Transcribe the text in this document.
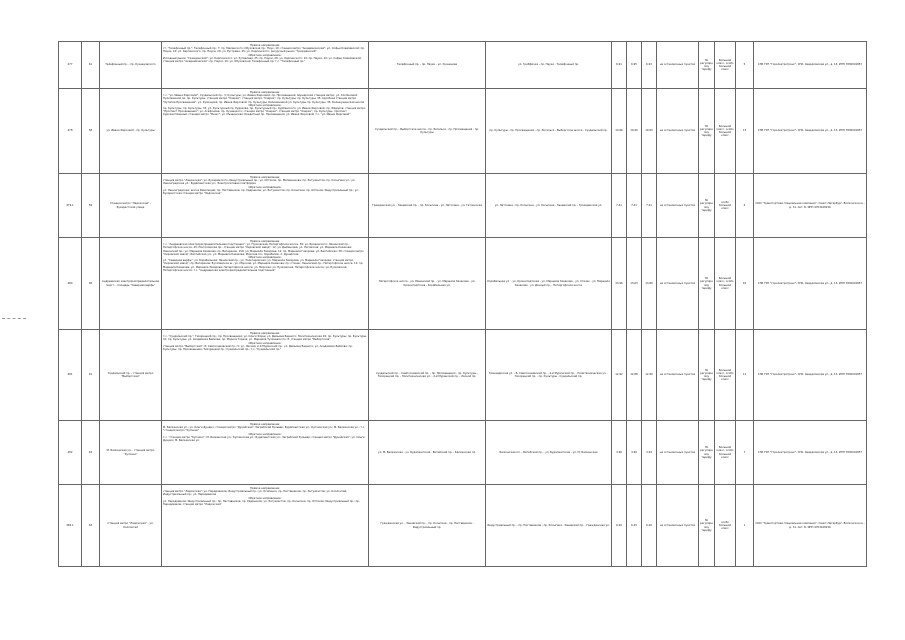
477	61	Телефонный пр. - пр. Кузнецовского	Прямое направление:
ст. "Телефонный пр."; Телефонный пр.; Т. пр. Малинского; Обуховская пр.; Наук; 10; станция метро "Академическая"; ул. Софьи Ковалевской; пр. Науки, 10; ул. Карпинского; пр. Науки, 20; ул. Рустрема, 25; ул. Карпинского; ресурсный рынок "Гражданский"
Обратное направление:
Исходный рынок "Гражданский"; ул. Карпинского; ул. Рутвелева, 25; пр. Науки, 20; ул. Карпинского; 10; пр. Науки, 10; ул. Софьи Ковалевской; станция метро "Академическая"; пр. Науки, 10; ул. Обуховская; Телефонный пр. т.с. "Телефонный пр."	Телефонный пр. - пр. Науки - ул. Кузнецова	ул. Грибфичка - пр. Науки - Телефонный пр.	6,91	6,95	6,93	на остановочных пунктах	По регулярному тарифу	Большой класс, особо большой класс	5	СПб ГУП "Горэлектротранс", СПб, Свердловская ул., д. 13, ИНН 7830001857
478	58	ул. Ивана Фирсовой - пр. Культуры	Прямое направление:
т.с. "ул. Ивана Фирсовой"; Суздальский пр., 3; Культуры; ул. Ивана Фирсовой; пр. Просвещения; Шушарская станция метро; ул. Хлопиновой Пулковкиной пр. пр. Культуры; станция метро "Озерки"; станция метро "Озерки"; пр. Культуры; пр. Культуры, 35; Аэробная станция метро "Кутепов Просвещения"; ул. Кузнецова; пр. Ивана Фирсовой; пр. Культуры; Калинишиной ул. Культуры пр. Культуры, 35; Большущенская школа
Обратное направление:
пр. Культуры; пр. Культуры, 35; ул. Культурный пр. Рудакова; пр. Культурный пр.; Курбанского; ул. Ивана Фирсовой; пр. Фёдоров; станция метро "Проспект Просвещения"; ул. Агафонова; пр. Кузнецкого; станция метро "Озерки"; станция метро "Озерки"; пр. Культуры; проспект Художественный; станция метро "Ячекс"; ул. Мышинская; Кредитный пр. Просвещения; ул. Ивана Фирсовой; т.с. "ул. Ивана Фирсовой"	Суздальский пр. - Выборгское шоссе - пр. Энгельса - пр. Просвещения - пр. Культуры	пр. Культуры - пр. Просвещения - пр. Энгельса - Выборгское шоссе - Суздальский пр.	10,96	10,90	10,93	на остановочных пунктах	По регулярному тарифу	Большой класс, особо большой класс	13	СПб ГУП "Горэлектротранс", СПб, Свердловская ул., д. 13, ИНН 7830001857
479.1	59	Станция метро "Ладожская" - Бухарестская улица	Прямое направление:
станция метро "Ладожская"; ул. Бухаримского; Индустриальный пр.; ул. Оптиков; пр. Матвиенкова; пр. Энтузиастов; пр. Косыгина ул.; ул. Ленинградская ул.; Будапештская ул.; Электросетевая платформа
Обратное направление:
ул. Ленинградская; шоссе Революции; пр. Наставников; пр. Ударников; ул. Энтузиастов; пр. Косыгина; пр. Оптиков; Индустриальный пр.; ул. Бухарестская станция метро "Ладожская"	Гражданская ул. - Заневский пр. - пр. Косыгина - ул. Латохина - ул. Гатчинская	ул. Латохина - пр. Косыгина - ул. Косыгина - Заневский пр. - Гражданская ул.	7,41	7,41	7,41	на остановочных пунктах	По регулярному тарифу	особо большой класс	4	ООО "Транспортная специальная компания", Санкт-Петербург, Волхонское ш., д. 31, лит. Б, ИНН 4703108156
480	60	Андреевская электрораспределительная подст. - площадь "Северная верфь"	Прямое направление:
т.с. "Андреевская электрораспределительная подстанция"; ул. Пулковская; Петергофское шоссе, 59; ул. Бровинского; Ленинский пр.; Петергофское шоссе, 45; Юнтоловская пр.; станция метро "Кировский завод"; 12; ул. Дыбенкова; ул. Лиговская; ул. Маршала Казакова; Ленинский пр.; ул. Маршала Казакова; пр. Ветеранов, 150; ул. Маршала Захарова; 12; пр. Маршала Говорова; ул. Балтийская; 38; станция метро "Кировский завод"; Балтийская ул.; ул. Маршала Казакова; Морская пл.; Корабелов, 2; Дунайская
Обратное направление:
ул. "Северная верфь"; ул. Корабельная; Ленинский пр.; ул. Зольтеровская; ул. Маршала Захарова; ул. Маршала Говорова; станция метро "Кировский завод"; пр. Ветеранов; Бугапевское ш.; ул. Морская; ул. Маршала Казакова; пр. Стачек; Ленинский пр.; Петергофское шоссе; 12; пр. Маршала Казакова; ул. Маршала Захарова; Петергофское шоссе; ул. Морская; ул. Пулковская; Петергофское шоссе; ул. Пулковская; Петергофское шоссе; т.с. "Андреевская электрораспределительная подстанция"	Петергофское шоссе - ул. Лёнинский пр. - ул. Маршала Казакова - ул. Кронштадтская - Корабельная ул.	Корабельная ул. - ул. Кронштадтская - ул. Маршала Казакова - ул. Стачек - ул. Маршала Казакова - ул. Дачный пр. - Петергофское шоссе	13,96	13,63	13,80	на остановочных пунктах	По регулярному тарифу	Большой класс, особо большой класс	16	СПб ГУП "Горэлектротранс", СПб, Свердловская ул., д. 13, ИНН 7830001857
481	61	Суздальский пр. - станция метро "Выборгская"	Прямое направление:
т.с. "Суздальский пр."; Тихорецкий пр.; пр. Просвещения; ул. Ольги Форш; ул. Демьяна Бедного; Политехническая 29; пр. Культуры; пр. Культуры, 31; пр. Культуры; ул. Академика Байкова; пр. Мориса Тореза; ул. Маршала Тухачевского; 8; станция метро "Выборгская"
Обратное направление:
станция метро "Выборгская"; 8; Сампсониевский пр.; 5; ул. Лесная; 2-й Муринский пр.; ул. Демьяна Бедного; ул. Академика Байкова; пр. Культуры; пр. Просвещения; Тихорецкий пр.; Суздальский пр.; т.с. "Суздальский пр."	Суздальский пр. - Сампсониевский пр. - пр. Просвещения - пр. Культуры - Тихорецкий пр. - Политехническая ул. - 2-й Муринский пр. - Лесной пр.	Гренадерская ул. - Б. Сампсониевский пр. - 2-й Муринский пр. - Политехническая ул. - Тихорецкий пр. - пр. Культуры - Суздальский пр.	12,92	12,88	12,90	на остановочных пунктах	По регулярному тарифу	Большой класс, особо большой класс	11	СПб ГУП "Горэлектротранс", СПб, Свердловская ул., д. 13, ИНН 7830001857
482	62	М. Балканская ул. - станция метро "Купчино"	Прямое направление:
М. Балканская ул.; ул. Ольги Дундич; станция метро "Дунайская"; Загребский бульвар; Будапештская ул.; Купчинская ул.; М. Балканская ул.; т.с. "станция метро "Купчино"
Обратное направление:
т.с. "станция метро "Купчино"; М. Балканская ул.; Купчинская ул.; Будапештская ул.; Загребский бульвар; станция метро "Дунайская"; ул. Ольги Дундич; М. Балканская ул.	ул. М. Балканская - ул. Будапештская - Витебский пр. - Балканская пл.	Балканская пл. - Витебский пр. - ул. Будапештская - ул. М. Балканская	3,96	3,90	3,93	на остановочных пунктах	По регулярному тарифу	Большой класс, особо большой класс	7	СПб ГУП "Горэлектротранс", СПб, Свердловская ул., д. 13, ИНН 7830001857
482.1	63	Станция метро "Ладожская" - ул. Коллонтай	Прямое направление:
станция метро "Ладожская"; ул. Передовиков; Индустриальный пр.; ул. Осипенко; пр. Наставников; пр. Энтузиастов; ул. Коллонтай; Индустриальный пр.; ул. Передовиков
Обратное направление:
ул. Передовиков; Индустриальный пр.; пр. Наставников; пр. Ударников; ул. Энтузиастов; пр. Косыгина; пр. Оптиков; Индустриальный пр.; пр. Передовиков; станция метро "Ладожская"	Гражданская ул. - Заневский пр. - пр. Косыгина - пр. Наставников - Индустриальный пр.	Индустриальный пр. - пр. Наставников - пр. Косыгина - Заневский пр. - Гражданская ул.	6,26	6,25	6,26	на остановочных пунктах	По регулярному тарифу	особо большой класс	1	ООО "Транспортная специальная компания", Санкт-Петербург, Волхонское ш., д. 31, лит. Б, ИНН 4703108156
